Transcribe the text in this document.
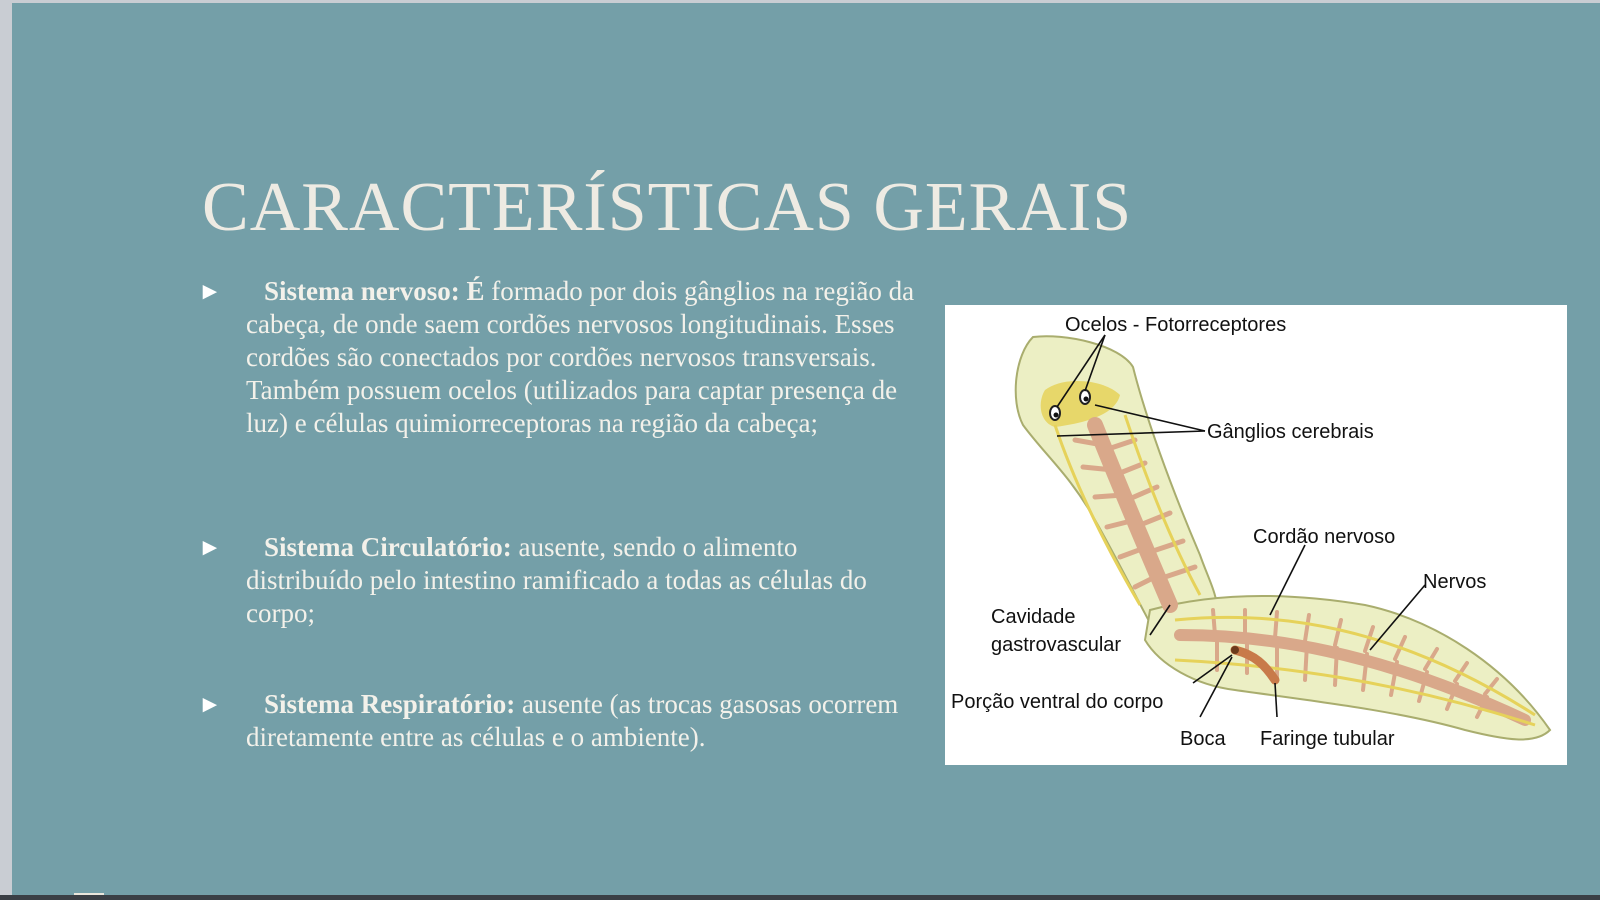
CARACTERÍSTICAS GERAIS
► Sistema nervoso: É formado por dois gânglios na região da cabeça, de onde saem cordões nervosos longitudinais. Esses cordões são conectados por cordões nervosos transversais. Também possuem ocelos (utilizados para captar presença de luz) e células quimiorreceptoras na região da cabeça;
► Sistema Circulatório: ausente, sendo o alimento distribuído pelo intestino ramificado a todas as células do corpo;
► Sistema Respiratório: ausente (as trocas gasosas ocorrem diretamente entre as células e o ambiente).
Ocelos - Fotorreceptores
Gânglios cerebrais
Cordão nervoso
Nervos
Cavidade
gastrovascular
Porção ventral do corpo
Boca Faringe tubular
